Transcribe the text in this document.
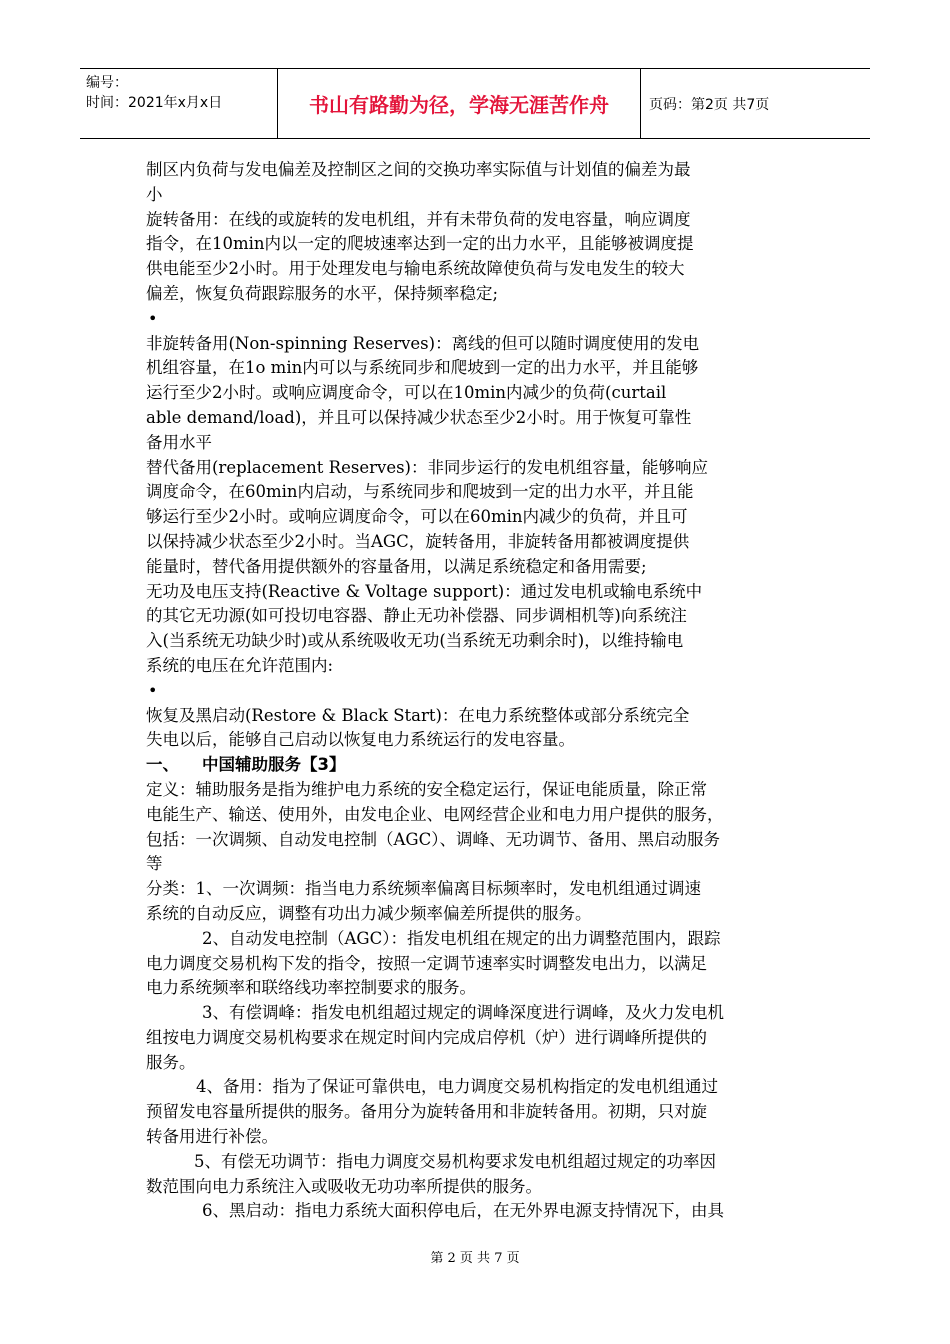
编号：
时间：2021年x月x日	书山有路勤为径，学海无涯苦作舟	页码：第2页 共7页

制区内负荷与发电偏差及控制区之间的交换功率实际值与计划值的偏差为最
小

旋转备用：在线的或旋转的发电机组，并有未带负荷的发电容量，响应调度
指令，在10min内以一定的爬坡速率达到一定的出力水平，且能够被调度提
供电能至少2小时。用于处理发电与输电系统故障使负荷与发电发生的较大
偏差，恢复负荷跟踪服务的水平，保持频率稳定;

•

非旋转备用(Non-spinning Reserves)：离线的但可以随时调度使用的发电
机组容量，在1o min内可以与系统同步和爬坡到一定的出力水平，并且能够
运行至少2小时。或响应调度命令，可以在10min内减少的负荷(curtail
able demand/load)，并且可以保持减少状态至少2小时。用于恢复可靠性
备用水平

替代备用(replacement Reserves)：非同步运行的发电机组容量，能够响应
调度命令，在60min内启动，与系统同步和爬坡到一定的出力水平，并且能
够运行至少2小时。或响应调度命令，可以在60min内减少的负荷，并且可
以保持减少状态至少2小时。当AGC，旋转备用，非旋转备用都被调度提供
能量时，替代备用提供额外的容量备用，以满足系统稳定和备用需要;

无功及电压支持(Reactive & Voltage support)：通过发电机或输电系统中
的其它无功源(如可投切电容器、静止无功补偿器、同步调相机等)向系统注
入(当系统无功缺少时)或从系统吸收无功(当系统无功剩余时)，以维持输电
系统的电压在允许范围内:

•

恢复及黑启动(Restore & Black Start)：在电力系统整体或部分系统完全
失电以后，能够自己启动以恢复电力系统运行的发电容量。

一、 中国辅助服务【3】

定义：辅助服务是指为维护电力系统的安全稳定运行，保证电能质量，除正常
电能生产、输送、使用外，由发电企业、电网经营企业和电力用户提供的服务，
包括：一次调频、自动发电控制（AGC）、调峰、无功调节、备用、黑启动服务
等

分类：1、一次调频：指当电力系统频率偏离目标频率时，发电机组通过调速
系统的自动反应，调整有功出力减少频率偏差所提供的服务。

2、自动发电控制（AGC）：指发电机组在规定的出力调整范围内，跟踪
电力调度交易机构下发的指令，按照一定调节速率实时调整发电出力，以满足
电力系统频率和联络线功率控制要求的服务。

3、有偿调峰：指发电机组超过规定的调峰深度进行调峰，及火力发电机
组按电力调度交易机构要求在规定时间内完成启停机（炉）进行调峰所提供的
服务。

4、备用：指为了保证可靠供电，电力调度交易机构指定的发电机组通过
预留发电容量所提供的服务。备用分为旋转备用和非旋转备用。初期，只对旋
转备用进行补偿。

5、有偿无功调节：指电力调度交易机构要求发电机组超过规定的功率因
数范围向电力系统注入或吸收无功功率所提供的服务。

6、黑启动：指电力系统大面积停电后，在无外界电源支持情况下，由具

第 2 页 共 7 页
